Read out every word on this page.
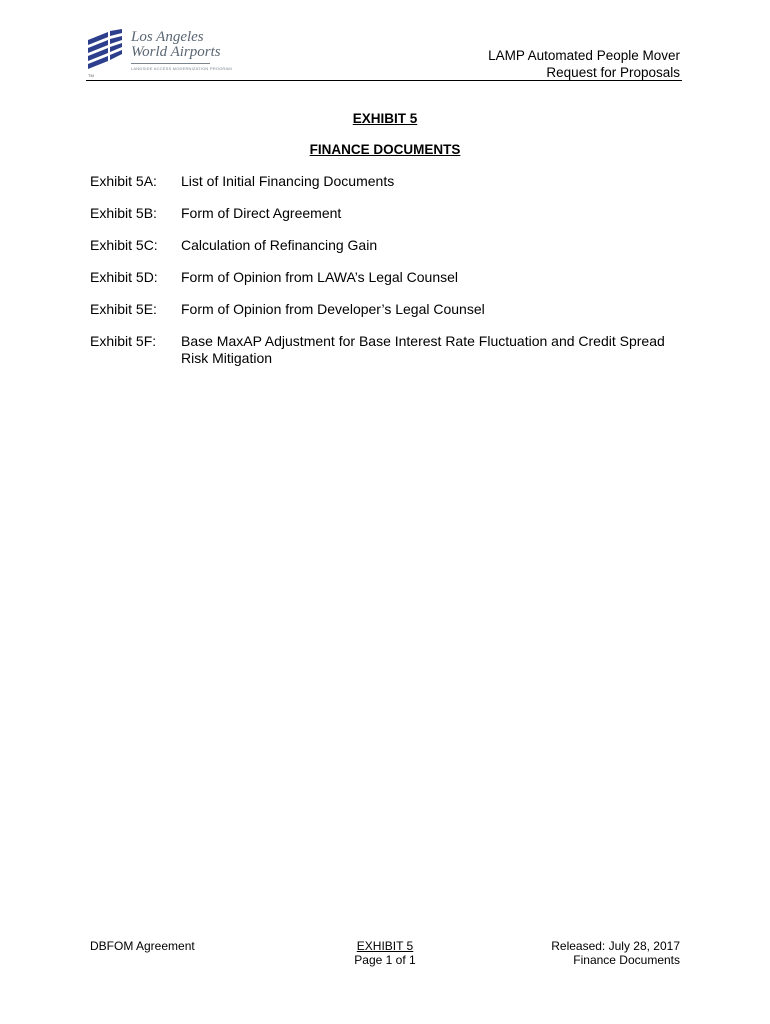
TM
Los Angeles
World Airports
LANDSIDE ACCESS MODERNIZATION PROGRAM
LAMP Automated People Mover
Request for Proposals
EXHIBIT 5
FINANCE DOCUMENTS
Exhibit 5A:	List of Initial Financing Documents
Exhibit 5B:	Form of Direct Agreement
Exhibit 5C:	Calculation of Refinancing Gain
Exhibit 5D:	Form of Opinion from LAWA’s Legal Counsel
Exhibit 5E:	Form of Opinion from Developer’s Legal Counsel
Exhibit 5F:	Base MaxAP Adjustment for Base Interest Rate Fluctuation and Credit Spread Risk Mitigation
DBFOM Agreement	EXHIBIT 5
Page 1 of 1
Released: July 28, 2017
Finance Documents
